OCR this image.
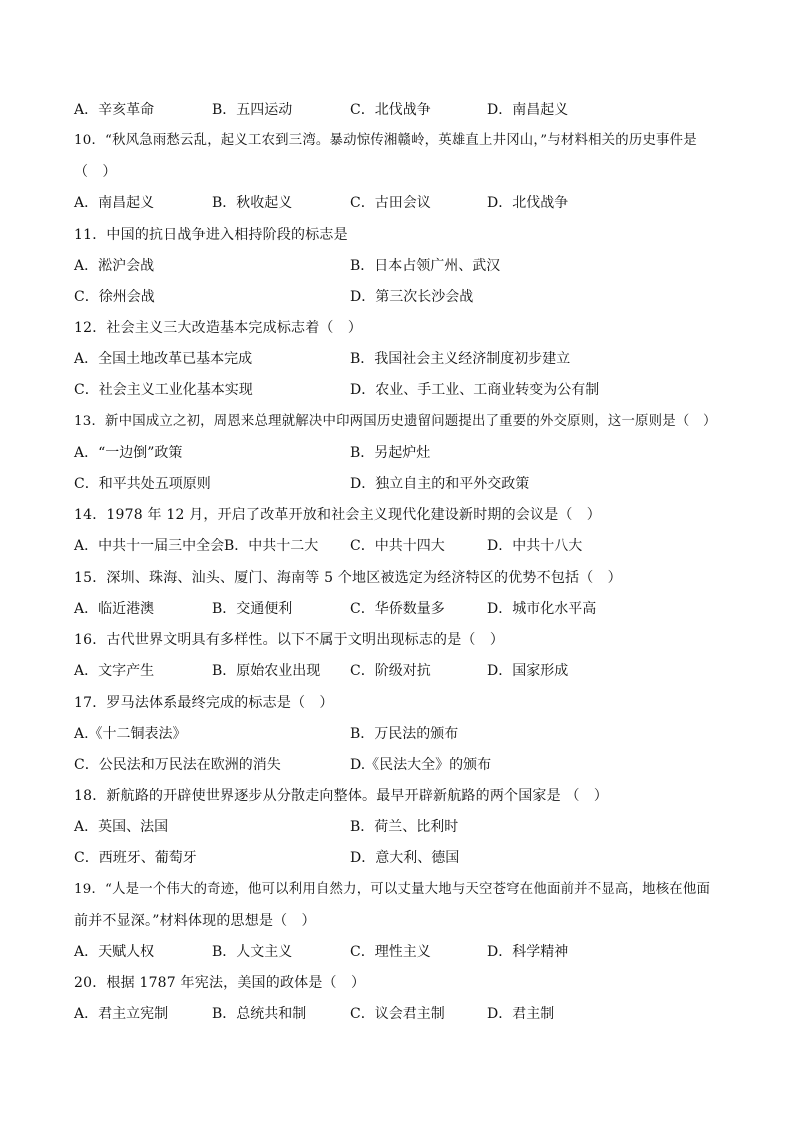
A．辛亥革命	B．五四运动	C．北伐战争	D．南昌起义
10．“秋风急雨愁云乱，起义工农到三湾。暴动惊传湘赣岭，英雄直上井冈山，”与材料相关的历史事件是
（　）
A．南昌起义	B．秋收起义	C．古田会议	D．北伐战争
11．中国的抗日战争进入相持阶段的标志是
A．淞沪会战	B．日本占领广州、武汉
C．徐州会战	D．第三次长沙会战
12．社会主义三大改造基本完成标志着（　）
A．全国土地改革已基本完成	B．我国社会主义经济制度初步建立
C．社会主义工业化基本实现	D．农业、手工业、工商业转变为公有制
13．新中国成立之初，周恩来总理就解决中印两国历史遗留问题提出了重要的外交原则，这一原则是（　）
A．“一边倒”政策	B．另起炉灶
C．和平共处五项原则	D．独立自主的和平外交政策
14．1978 年 12 月，开启了改革开放和社会主义现代化建设新时期的会议是（　）
A．中共十一届三中全会 B．中共十二大 C．中共十四大	D．中共十八大
15．深圳、珠海、汕头、厦门、海南等 5 个地区被选定为经济特区的优势不包括（　）
A．临近港澳	B．交通便利	C．华侨数量多	D．城市化水平高
16．古代世界文明具有多样性。以下不属于文明出现标志的是（　）
A．文字产生	B．原始农业出现 C．阶级对抗	D．国家形成
17．罗马法体系最终完成的标志是（　）
A.《十二铜表法》	B．万民法的颁布
C．公民法和万民法在欧洲的消失	D.《民法大全》的颁布
18．新航路的开辟使世界逐步从分散走向整体。最早开辟新航路的两个国家是 （　）
A．英国、法国	B．荷兰、比利时
C．西班牙、葡萄牙	D．意大利、德国
19．“人是一个伟大的奇迹，他可以利用自然力，可以丈量大地与天空苍穹在他面前并不显高，地核在他面
前并不显深。”材料体现的思想是（　）
A．天赋人权	B．人文主义	C．理性主义	D．科学精神
20．根据 1787 年宪法，美国的政体是（　）
A．君主立宪制	B．总统共和制	C．议会君主制	D．君主制
